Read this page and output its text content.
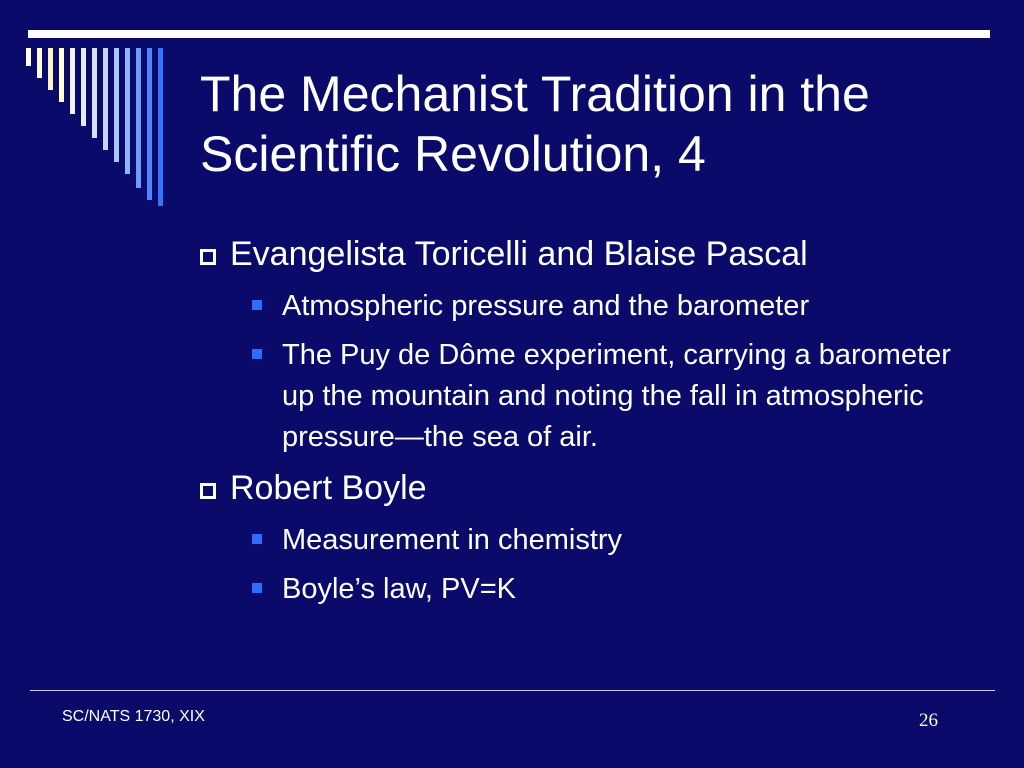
The Mechanist Tradition in the
Scientific Revolution, 4
Evangelista Toricelli and Blaise Pascal
Atmospheric pressure and the barometer
The Puy de Dôme experiment, carrying a barometer up the mountain and noting the fall in atmospheric pressure—the sea of air.
Robert Boyle
Measurement in chemistry
Boyle’s law, PV=K
SC/NATS 1730, XIX	26
